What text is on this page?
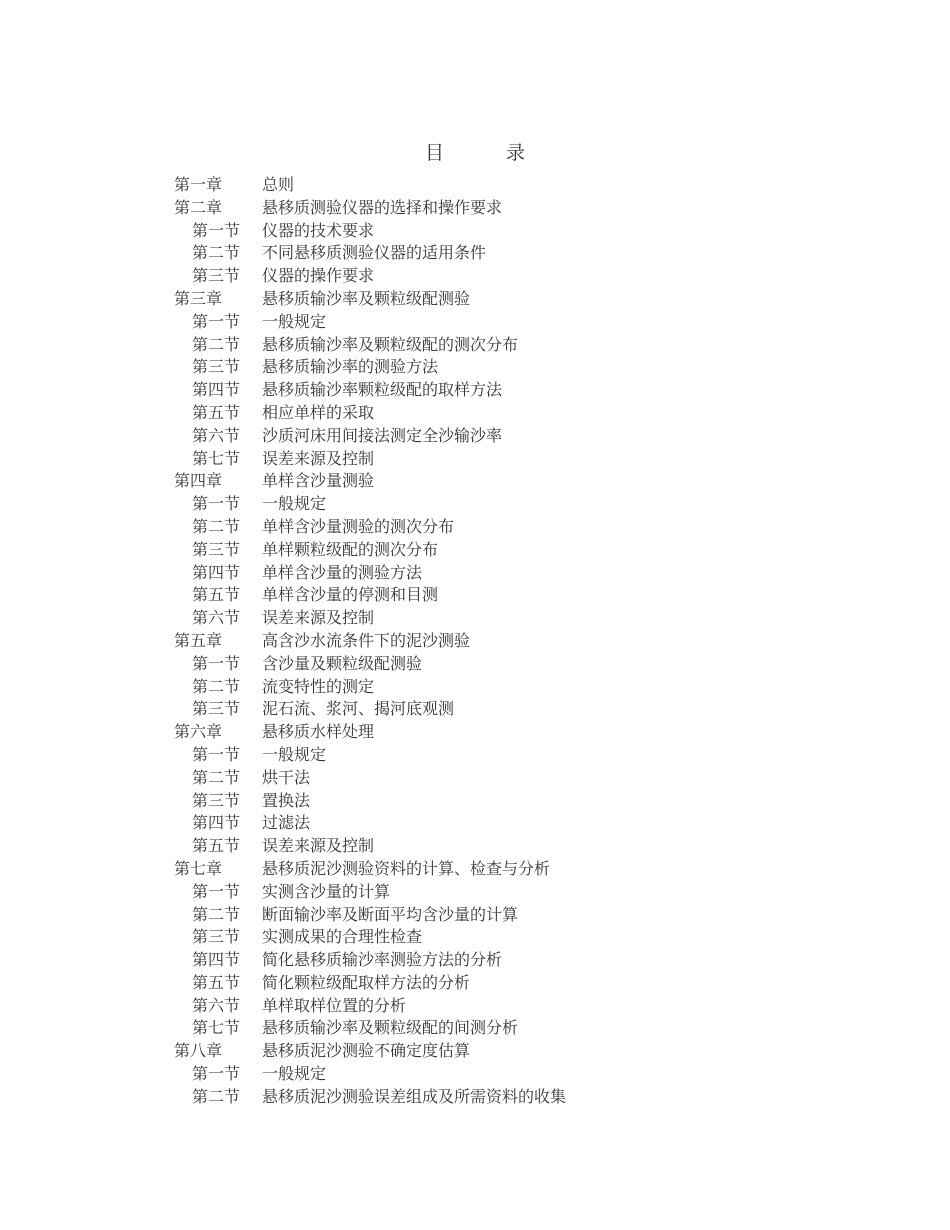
目	录
第一章 总则
第二章 悬移质测验仪器的选择和操作要求
第一节 仪器的技术要求
第二节 不同悬移质测验仪器的适用条件
第三节 仪器的操作要求
第三章 悬移质输沙率及颗粒级配测验
第一节 一般规定
第二节 悬移质输沙率及颗粒级配的测次分布
第三节 悬移质输沙率的测验方法
第四节 悬移质输沙率颗粒级配的取样方法
第五节 相应单样的采取
第六节 沙质河床用间接法测定全沙输沙率
第七节 误差来源及控制
第四章 单样含沙量测验
第一节 一般规定
第二节 单样含沙量测验的测次分布
第三节 单样颗粒级配的测次分布
第四节 单样含沙量的测验方法
第五节 单样含沙量的停测和目测
第六节 误差来源及控制
第五章 高含沙水流条件下的泥沙测验
第一节 含沙量及颗粒级配测验
第二节 流变特性的测定
第三节 泥石流、浆河、揭河底观测
第六章 悬移质水样处理
第一节 一般规定
第二节 烘干法
第三节 置换法
第四节 过滤法
第五节 误差来源及控制
第七章 悬移质泥沙测验资料的计算、检查与分析
第一节 实测含沙量的计算
第二节 断面输沙率及断面平均含沙量的计算
第三节 实测成果的合理性检查
第四节 简化悬移质输沙率测验方法的分析
第五节 简化颗粒级配取样方法的分析
第六节 单样取样位置的分析
第七节 悬移质输沙率及颗粒级配的间测分析
第八章 悬移质泥沙测验不确定度估算
第一节 一般规定
第二节 悬移质泥沙测验误差组成及所需资料的收集
